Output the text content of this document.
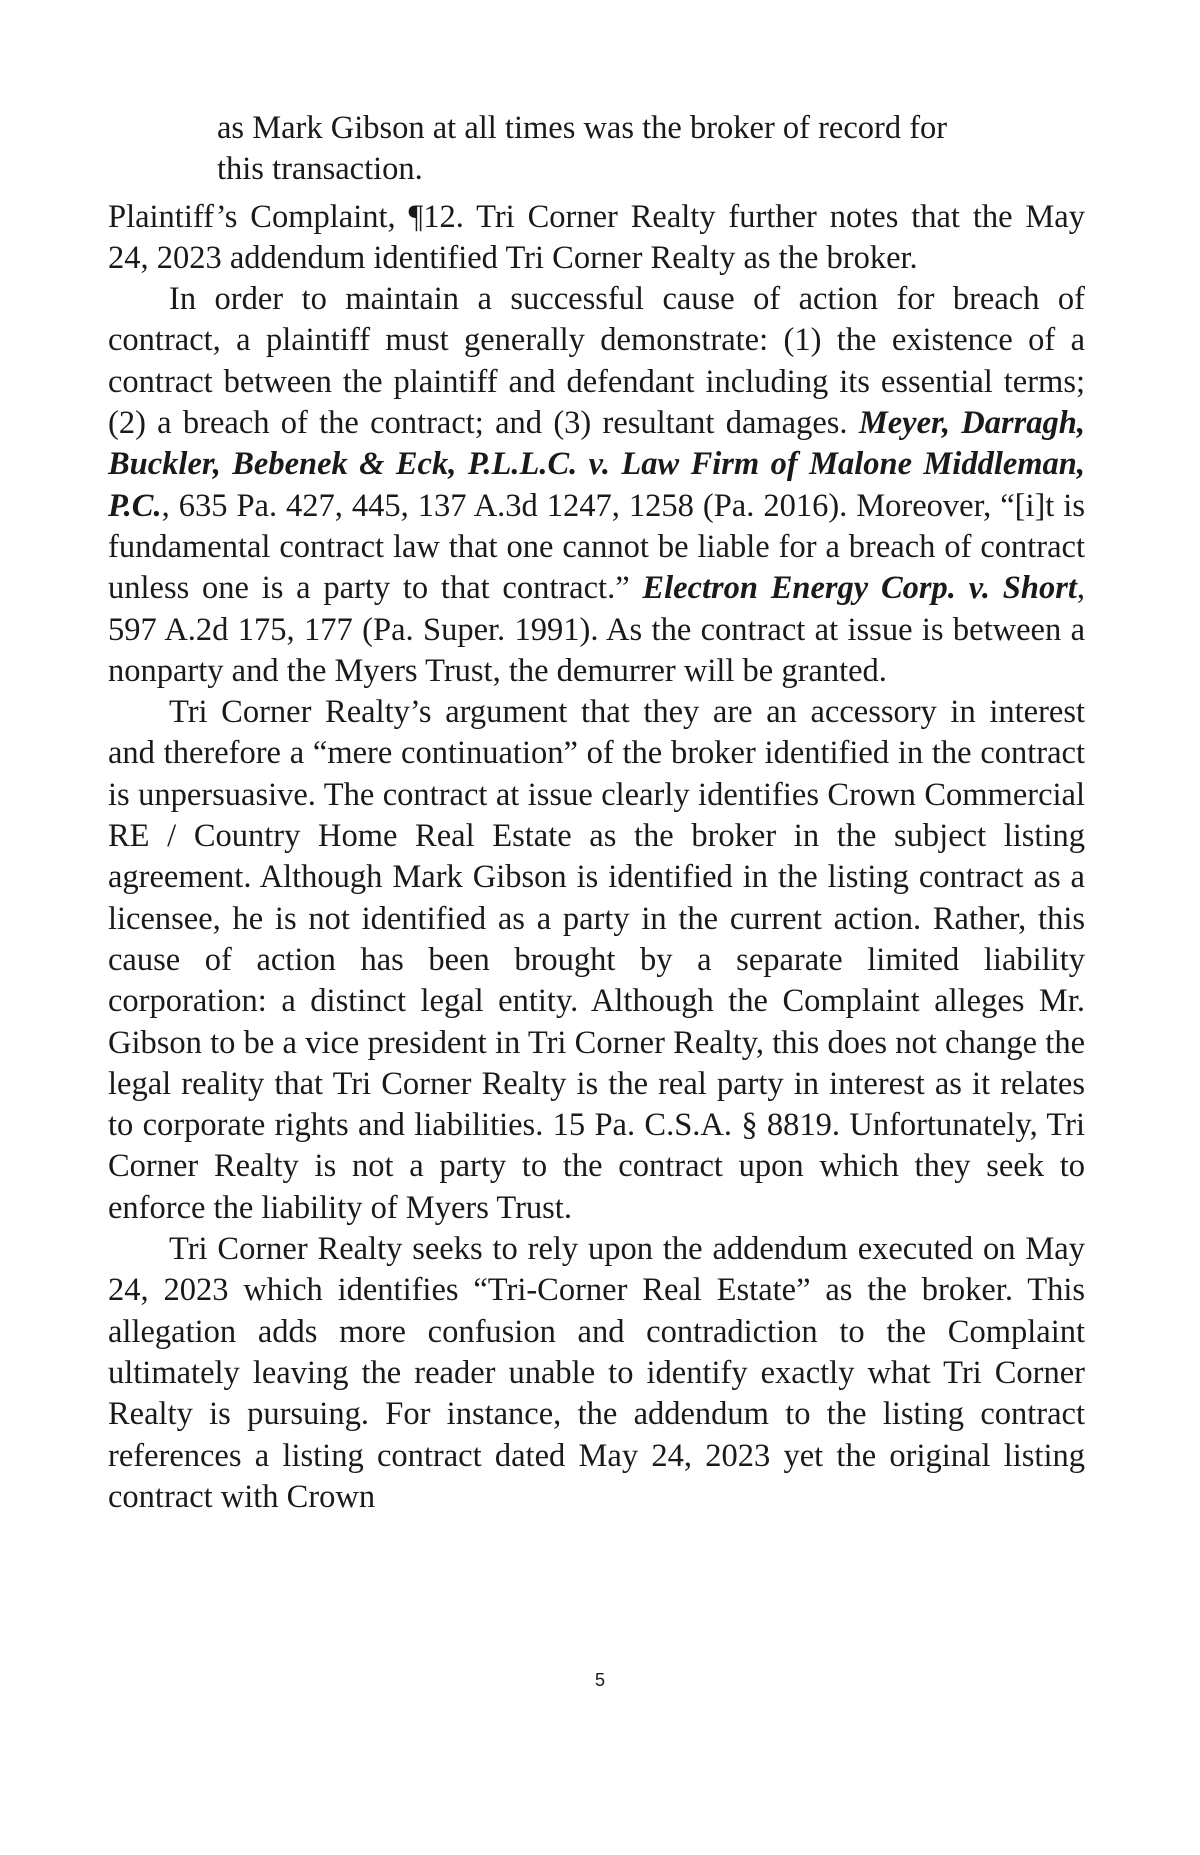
as Mark Gibson at all times was the broker of record for
this transaction.

Plaintiff’s Complaint, ¶12. Tri Corner Realty further notes that the May 24, 2023 addendum identified Tri Corner Realty as the broker.

In order to maintain a successful cause of action for breach of contract, a plaintiff must generally demonstrate: (1) the existence of a contract between the plaintiff and defendant including its essential terms; (2) a breach of the contract; and (3) resultant damages. Meyer, Darragh, Buckler, Bebenek & Eck, P.L.L.C. v. Law Firm of Malone Middleman, P.C., 635 Pa. 427, 445, 137 A.3d 1247, 1258 (Pa. 2016). Moreover, “[i]t is fundamental contract law that one cannot be liable for a breach of contract unless one is a party to that contract.” Electron Energy Corp. v. Short, 597 A.2d 175, 177 (Pa. Super. 1991). As the contract at issue is between a nonparty and the Myers Trust, the demurrer will be granted.

Tri Corner Realty’s argument that they are an accessory in interest and therefore a “mere continuation” of the broker identified in the contract is unpersuasive. The contract at issue clearly identifies Crown Commercial RE / Country Home Real Estate as the broker in the subject listing agreement. Although Mark Gibson is identified in the listing contract as a licensee, he is not identified as a party in the current action. Rather, this cause of action has been brought by a separate limited liability corporation: a distinct legal entity. Although the Complaint alleges Mr. Gibson to be a vice president in Tri Corner Realty, this does not change the legal reality that Tri Corner Realty is the real party in interest as it relates to corporate rights and liabilities. 15 Pa. C.S.A. § 8819. Unfortunately, Tri Corner Realty is not a party to the contract upon which they seek to enforce the liability of Myers Trust.

Tri Corner Realty seeks to rely upon the addendum executed on May 24, 2023 which identifies “Tri-Corner Real Estate” as the broker. This allegation adds more confusion and contradiction to the Complaint ultimately leaving the reader unable to identify exactly what Tri Corner Realty is pursuing. For instance, the addendum to the listing contract references a listing contract dated May 24, 2023 yet the original listing contract with Crown

5
